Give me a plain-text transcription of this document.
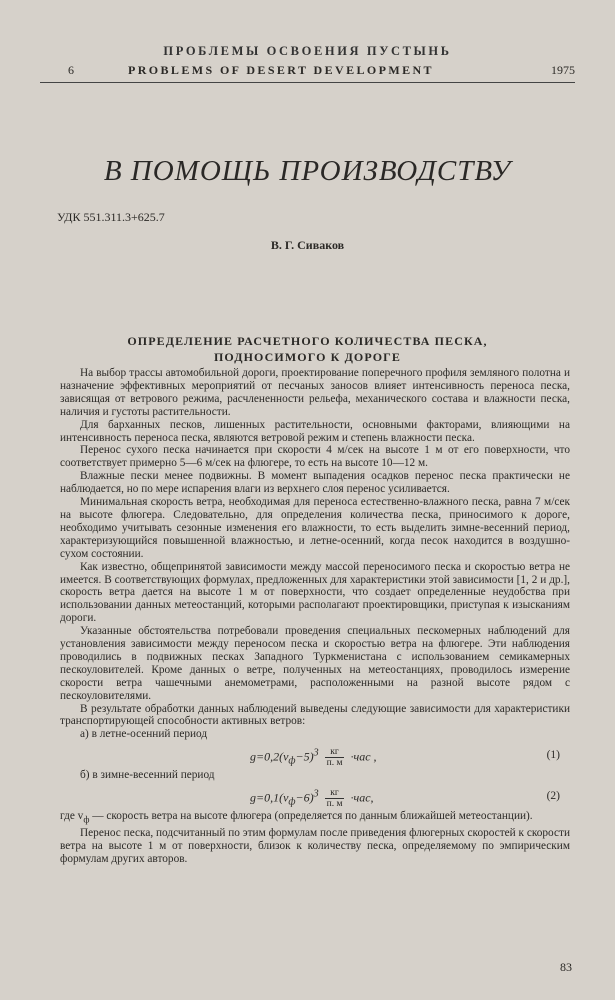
ПРОБЛЕМЫ ОСВОЕНИЯ ПУСТЫНЬ
6	PROBLEMS OF DESERT DEVELOPMENT	1975
В ПОМОЩЬ ПРОИЗВОДСТВУ
УДК 551.311.3+625.7
В. Г. Сиваков
ОПРЕДЕЛЕНИЕ РАСЧЕТНОГО КОЛИЧЕСТВА ПЕСКА,
ПОДНОСИМОГО К ДОРОГЕ

На выбор трассы автомобильной дороги, проектирование поперечного профиля земляного полотна и назначение эффективных мероприятий от песчаных заносов влияет интенсивность переноса песка, зависящая от ветрового режима, расчлененности рельефа, механического состава и влажности песка, наличия и густоты растительности.

Для барханных песков, лишенных растительности, основными факторами, влияющими на интенсивность переноса песка, являются ветровой режим и степень влажности песка.

Перенос сухого песка начинается при скорости 4 м/сек на высоте 1 м от его поверхности, что соответствует примерно 5—6 м/сек на флюгере, то есть на высоте 10—12 м.

Влажные пески менее подвижны. В момент выпадения осадков перенос песка практически не наблюдается, но по мере испарения влаги из верхнего слоя перенос усиливается.

Минимальная скорость ветра, необходимая для переноса естественно-влажного песка, равна 7 м/сек на высоте флюгера. Следовательно, для определения количества песка, приносимого к дороге, необходимо учитывать сезонные изменения его влажности, то есть выделить зимне-весенний период, характеризующийся повышенной влажностью, и летне-осенний, когда песок находится в воздушно-сухом состоянии.

Как известно, общепринятой зависимости между массой переносимого песка и скоростью ветра не имеется. В соответствующих формулах, предложенных для характеристики этой зависимости [1, 2 и др.], скорость ветра дается на высоте 1 м от поверхности, что создает определенные неудобства при использовании данных метеостанций, которыми располагают проектировщики, приступая к изысканиям дороги.

Указанные обстоятельства потребовали проведения специальных пескомерных наблюдений для установления зависимости между переносом песка и скоростью ветра на флюгере. Эти наблюдения проводились в подвижных песках Западного Туркменистана с использованием семикамерных пескоуловителей. Кроме данных о ветре, полученных на метеостанциях, проводилось измерение скорости ветра чашечными анемометрами, расположенными на разной высоте рядом с пескоуловителями.

В результате обработки данных наблюдений выведены следующие зависимости для характеристики транспортирующей способности активных ветров:

а) в летне-осенний период

$g=0,2(v_ф-5)^3 \frac{кг}{п. м} \cdot час$ ,	(1)

б) в зимне-весенний период

$g=0,1(v_ф-6)^3 \frac{кг}{п. м} \cdot час$,	(2)

где $v_ф$ — скорость ветра на высоте флюгера (определяется по данным ближайшей метеостанции).

Перенос песка, подсчитанный по этим формулам после приведения флюгерных скоростей к скорости ветра на высоте 1 м от поверхности, близок к количеству песка, определяемому по эмпирическим формулам других авторов.

83
